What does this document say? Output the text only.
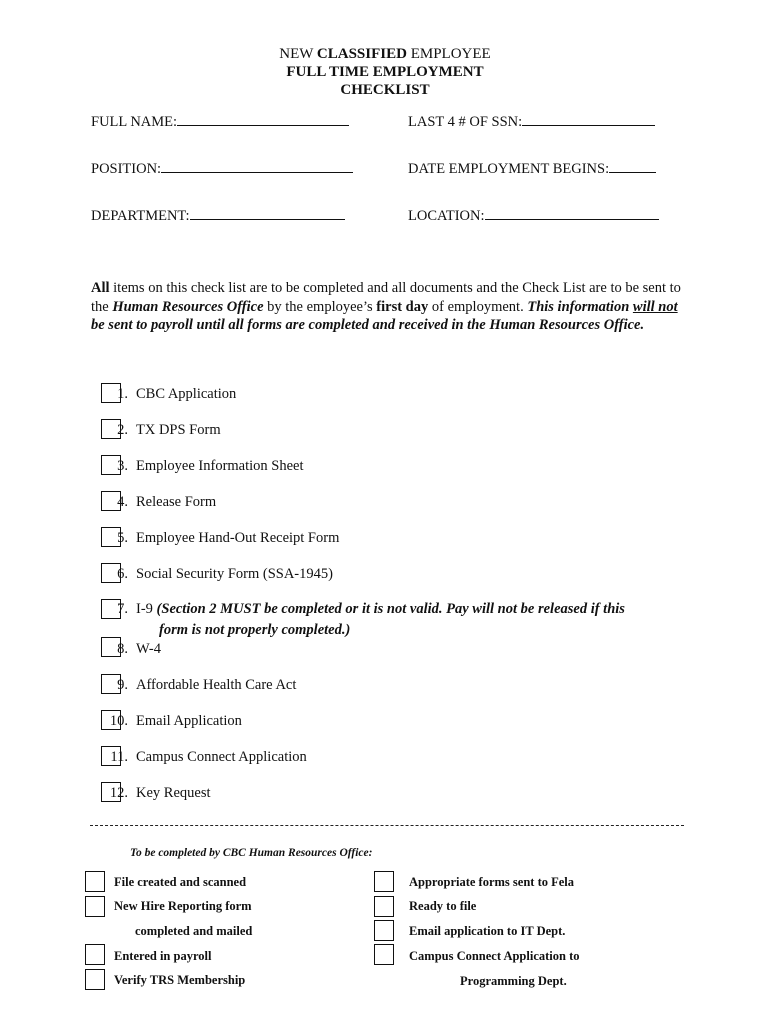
NEW CLASSIFIED EMPLOYEE
FULL TIME EMPLOYMENT
CHECKLIST
FULL NAME:	LAST 4 # OF SSN:
POSITION:	DATE EMPLOYMENT BEGINS:
DEPARTMENT:	LOCATION:
All items on this check list are to be completed and all documents and the Check List are to be sent to the Human Resources Office by the employee’s first day of employment. This information will not be sent to payroll until all forms are completed and received in the Human Resources Office.
1. CBC Application
2. TX DPS Form
3. Employee Information Sheet
4. Release Form
5. Employee Hand-Out Receipt Form
6. Social Security Form (SSA-1945)
7. I-9 (Section 2 MUST be completed or it is not valid. Pay will not be released if this
form is not properly completed.)
8. W-4
9. Affordable Health Care Act
10. Email Application
11. Campus Connect Application
12. Key Request
To be completed by CBC Human Resources Office:
File created and scanned
New Hire Reporting form
completed and mailed
Entered in payroll
Verify TRS Membership
Appropriate forms sent to Fela
Ready to file
Email application to IT Dept.
Campus Connect Application to
Programming Dept.
